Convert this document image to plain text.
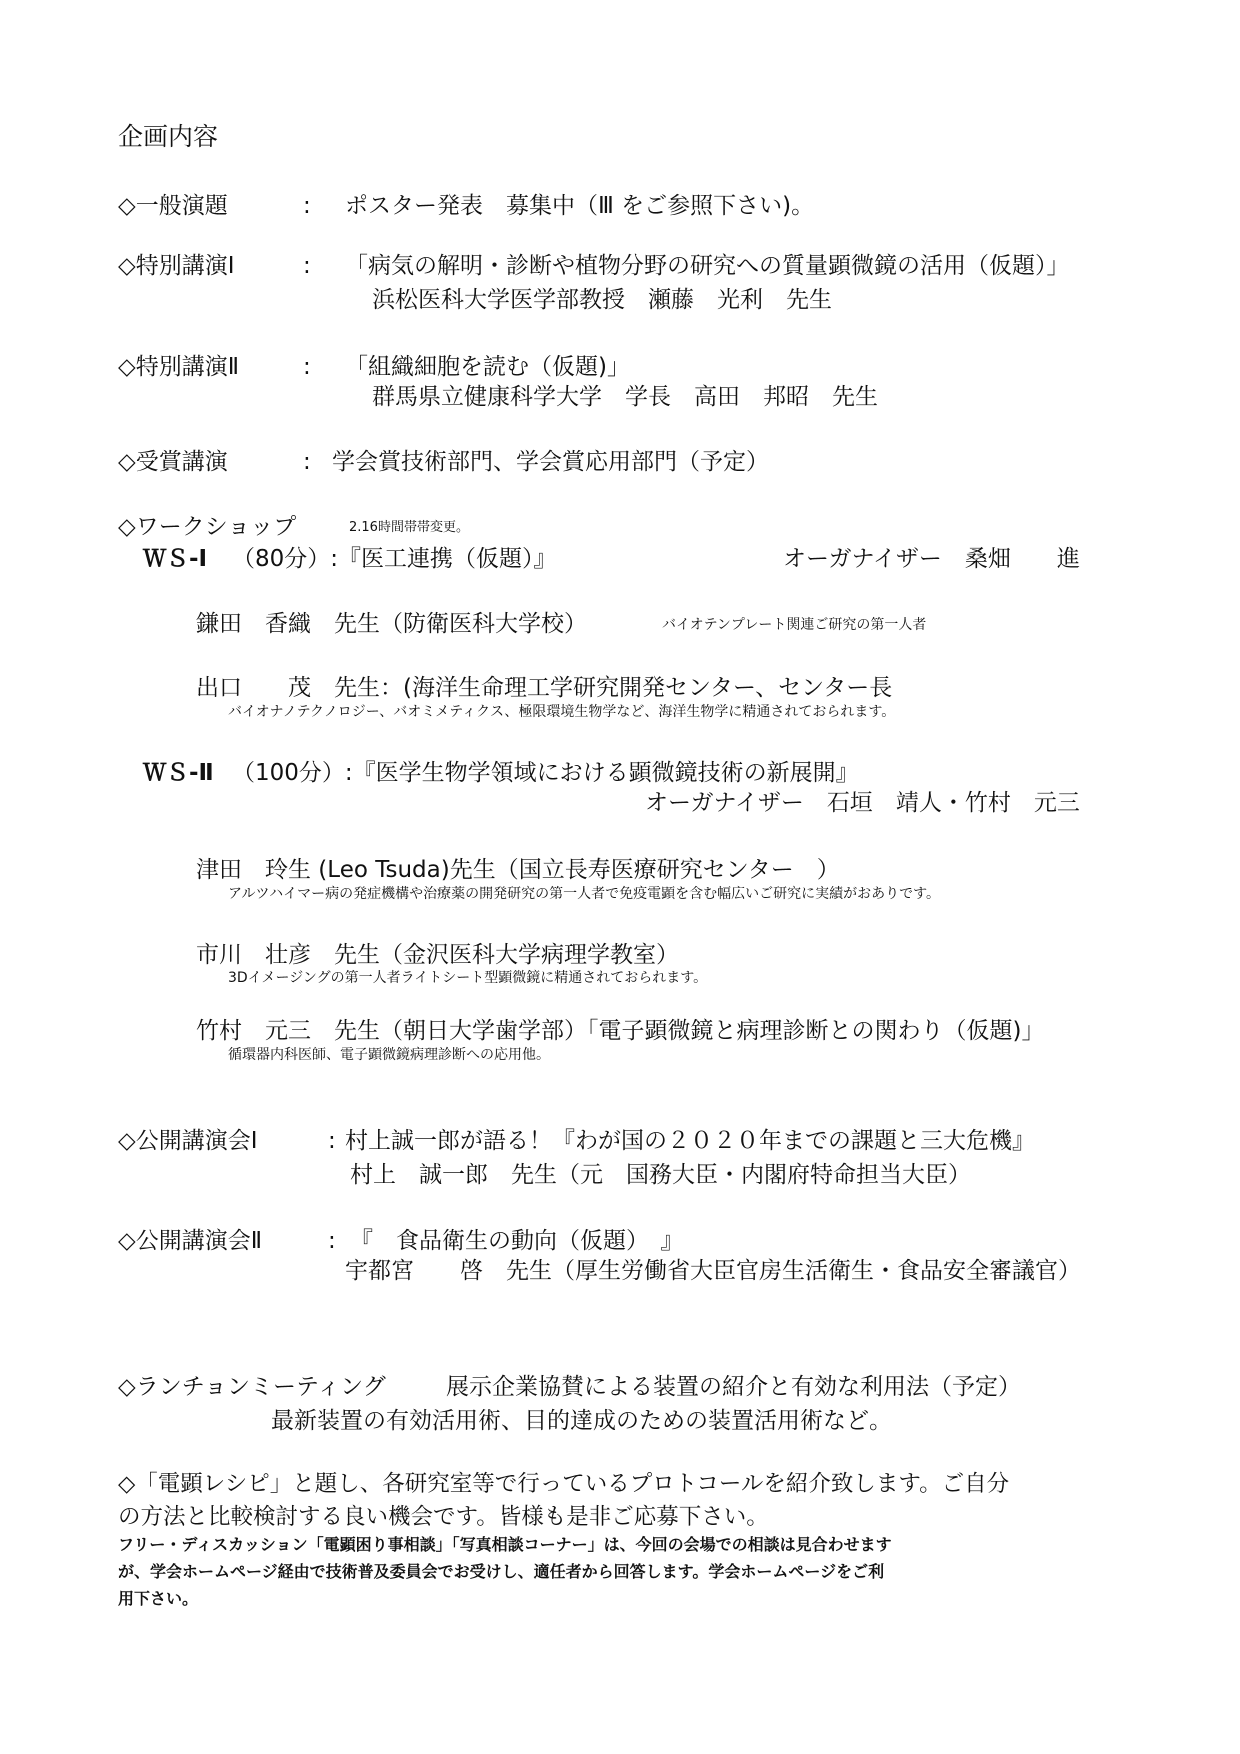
企画内容
◇一般演題	: ポスター発表　募集中（Ⅲ をご参照下さい)。
◇特別講演Ⅰ	: 「病気の解明・診断や植物分野の研究への質量顕微鏡の活用（仮題）」
浜松医科大学医学部教授　瀬藤　光利　先生
◇特別講演Ⅱ	: 「組織細胞を読む（仮題)」
群馬県立健康科学大学　学長　高田　邦昭　先生
◇受賞講演	: 学会賞技術部門、学会賞応用部門（予定）
◇ワークショップ	2.16時間帯帯変更。
ＷＳ-Ⅰ （80分）:『医工連携（仮題）』	オーガナイザー　桑畑　　進
鎌田　香織　先生（防衛医科大学校）	バイオテンプレート関連ご研究の第一人者
出口　　茂　先生：(海洋生命理工学研究開発センター、センター長
バイオナノテクノロジー、バオミメティクス、極限環境生物学など、海洋生物学に精通されておられます。
ＷＳ-Ⅱ （100分）:『医学生物学領域における顕微鏡技術の新展開』
オーガナイザー　石垣　靖人・竹村　元三
津田　玲生 (Leo Tsuda)先生（国立長寿医療研究センター　）
アルツハイマー病の発症機構や治療薬の開発研究の第一人者で免疫電顕を含む幅広いご研究に実績がおありです。
市川　壮彦　先生（金沢医科大学病理学教室）
3Dイメージングの第一人者ライトシート型顕微鏡に精通されておられます。
竹村　元三　先生（朝日大学歯学部）「電子顕微鏡と病理診断との関わり（仮題)」
循環器内科医師、電子顕微鏡病理診断への応用他。
◇公開講演会Ⅰ	: 村上誠一郎が語る！『わが国の２０２０年までの課題と三大危機』
村上　誠一郎　先生（元　国務大臣・内閣府特命担当大臣）
◇公開講演会Ⅱ	: 『　食品衛生の動向（仮題）　』
宇都宮　　啓　先生（厚生労働省大臣官房生活衛生・食品安全審議官）
◇ランチョンミーティング	展示企業協賛による装置の紹介と有効な利用法（予定）
最新装置の有効活用術、目的達成のための装置活用術など。
◇「電顕レシピ」と題し、各研究室等で行っているプロトコールを紹介致します。ご自分
の方法と比較検討する良い機会です。皆様も是非ご応募下さい。
フリー・ディスカッション「電顕困り事相談」「写真相談コーナー」は、今回の会場での相談は見合わせます
が、学会ホームページ経由で技術普及委員会でお受けし、適任者から回答します。学会ホームページをご利
用下さい。
